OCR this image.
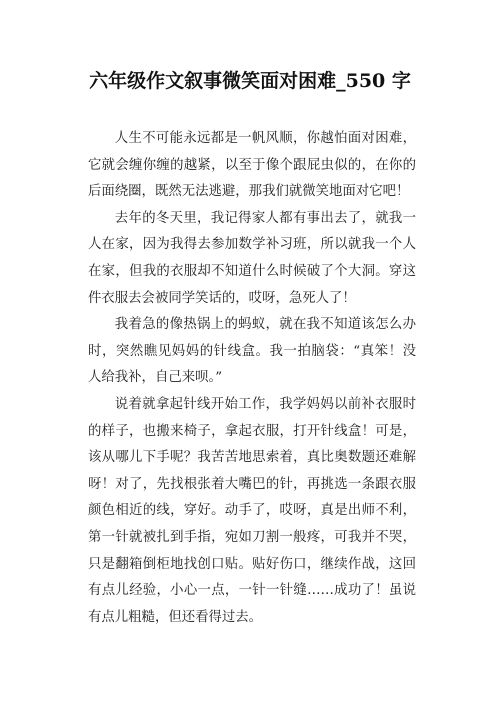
六年级作文叙事微笑面对困难_550 字

人生不可能永远都是一帆风顺，你越怕面对困难，它就会缠你缠的越紧，以至于像个跟屁虫似的，在你的后面绕圈，既然无法逃避，那我们就微笑地面对它吧！

去年的冬天里，我记得家人都有事出去了，就我一人在家，因为我得去参加数学补习班，所以就我一个人在家，但我的衣服却不知道什么时候破了个大洞。穿这件衣服去会被同学笑话的，哎呀，急死人了！

我着急的像热锅上的蚂蚁，就在我不知道该怎么办时，突然瞧见妈妈的针线盒。我一拍脑袋：“真笨！没人给我补，自己来呗。”

说着就拿起针线开始工作，我学妈妈以前补衣服时的样子，也搬来椅子，拿起衣服，打开针线盒！可是，该从哪儿下手呢？我苦苦地思索着，真比奥数题还难解呀！对了，先找根张着大嘴巴的针，再挑选一条跟衣服颜色相近的线，穿好。动手了，哎呀，真是出师不利，第一针就被扎到手指，宛如刀割一般疼，可我并不哭，只是翻箱倒柜地找创口贴。贴好伤口，继续作战，这回有点儿经验，小心一点，一针一针缝……成功了！虽说有点儿粗糙，但还看得过去。
